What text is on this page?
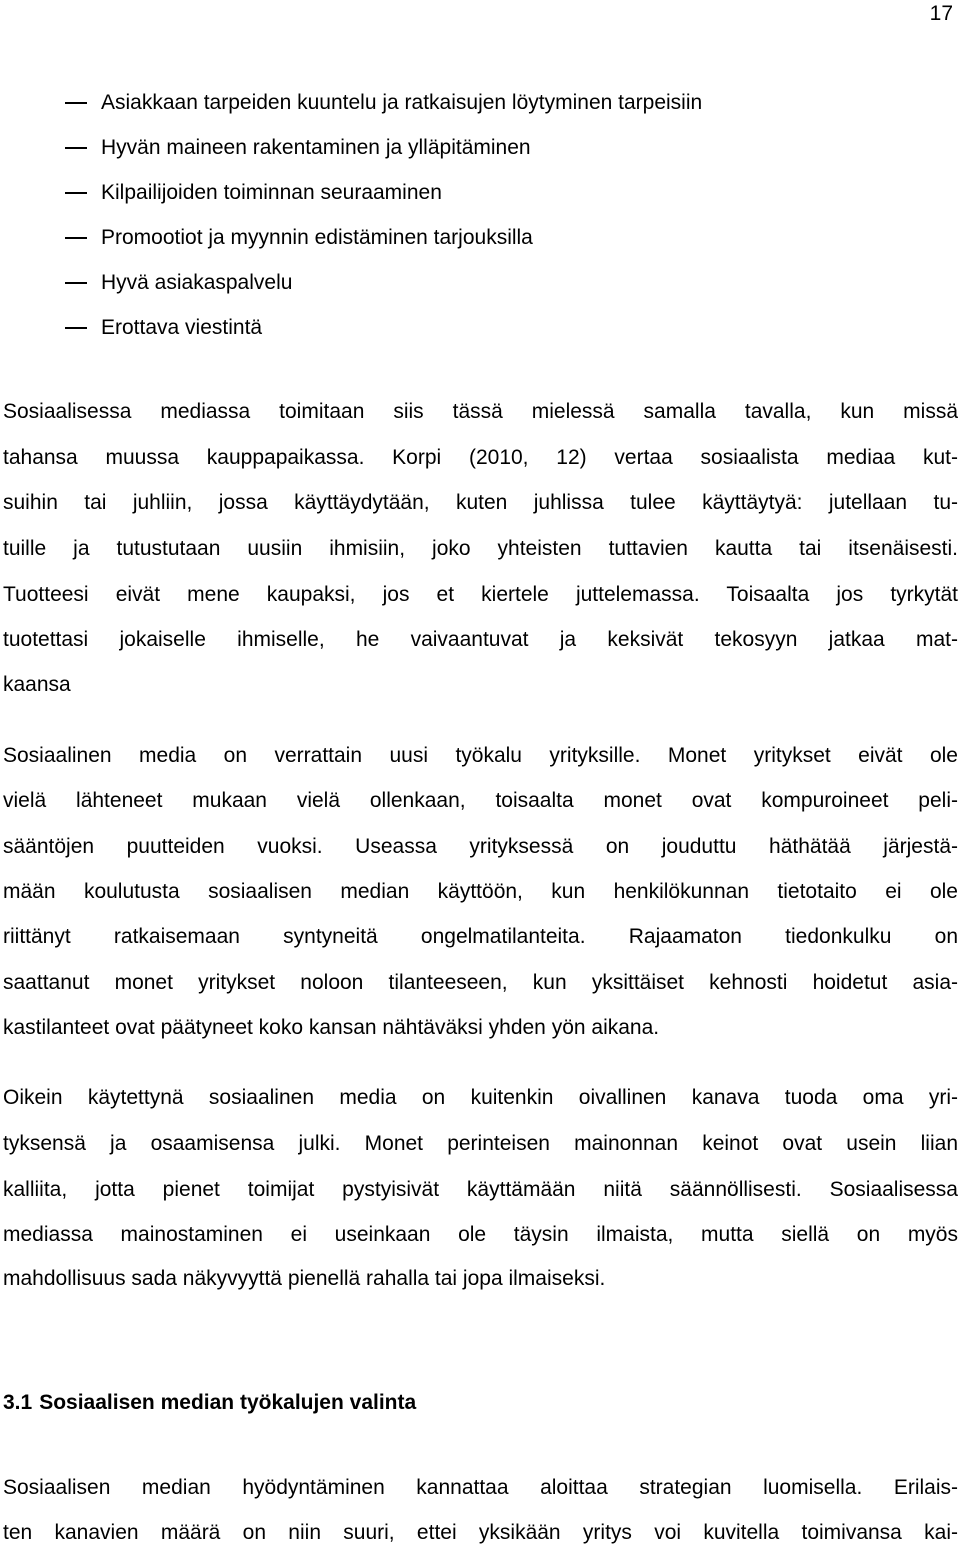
17
Asiakkaan tarpeiden kuuntelu ja ratkaisujen löytyminen tarpeisiin
Hyvän maineen rakentaminen ja ylläpitäminen
Kilpailijoiden toiminnan seuraaminen
Promootiot ja myynnin edistäminen tarjouksilla
Hyvä asiakaspalvelu
Erottava viestintä
Sosiaalisessa mediassa toimitaan siis tässä mielessä samalla tavalla, kun missä
tahansa muussa kauppapaikassa. Korpi (2010, 12) vertaa sosiaalista mediaa kut-
suihin tai juhliin, jossa käyttäydytään, kuten juhlissa tulee käyttäytyä: jutellaan tu-
tuille ja tutustutaan uusiin ihmisiin, joko yhteisten tuttavien kautta tai itsenäisesti.
Tuotteesi eivät mene kaupaksi, jos et kiertele juttelemassa. Toisaalta jos tyrkytät
tuotettasi jokaiselle ihmiselle, he vaivaantuvat ja keksivät tekosyyn jatkaa mat-
kaansa
Sosiaalinen media on verrattain uusi työkalu yrityksille. Monet yritykset eivät ole
vielä lähteneet mukaan vielä ollenkaan, toisaalta monet ovat kompuroineet peli-
sääntöjen puutteiden vuoksi. Useassa yrityksessä on jouduttu häthätää järjestä-
mään koulutusta sosiaalisen median käyttöön, kun henkilökunnan tietotaito ei ole
riittänyt ratkaisemaan syntyneitä ongelmatilanteita. Rajaamaton tiedonkulku on
saattanut monet yritykset noloon tilanteeseen, kun yksittäiset kehnosti hoidetut asia-
kastilanteet ovat päätyneet koko kansan nähtäväksi yhden yön aikana.
Oikein käytettynä sosiaalinen media on kuitenkin oivallinen kanava tuoda oma yri-
tyksensä ja osaamisensa julki. Monet perinteisen mainonnan keinot ovat usein liian
kalliita, jotta pienet toimijat pystyisivät käyttämään niitä säännöllisesti. Sosiaalisessa
mediassa mainostaminen ei useinkaan ole täysin ilmaista, mutta siellä on myös
mahdollisuus sada näkyvyyttä pienellä rahalla tai jopa ilmaiseksi.
3.1 Sosiaalisen median työkalujen valinta
Sosiaalisen median hyödyntäminen kannattaa aloittaa strategian luomisella. Erilais-
ten kanavien määrä on niin suuri, ettei yksikään yritys voi kuvitella toimivansa kai-
